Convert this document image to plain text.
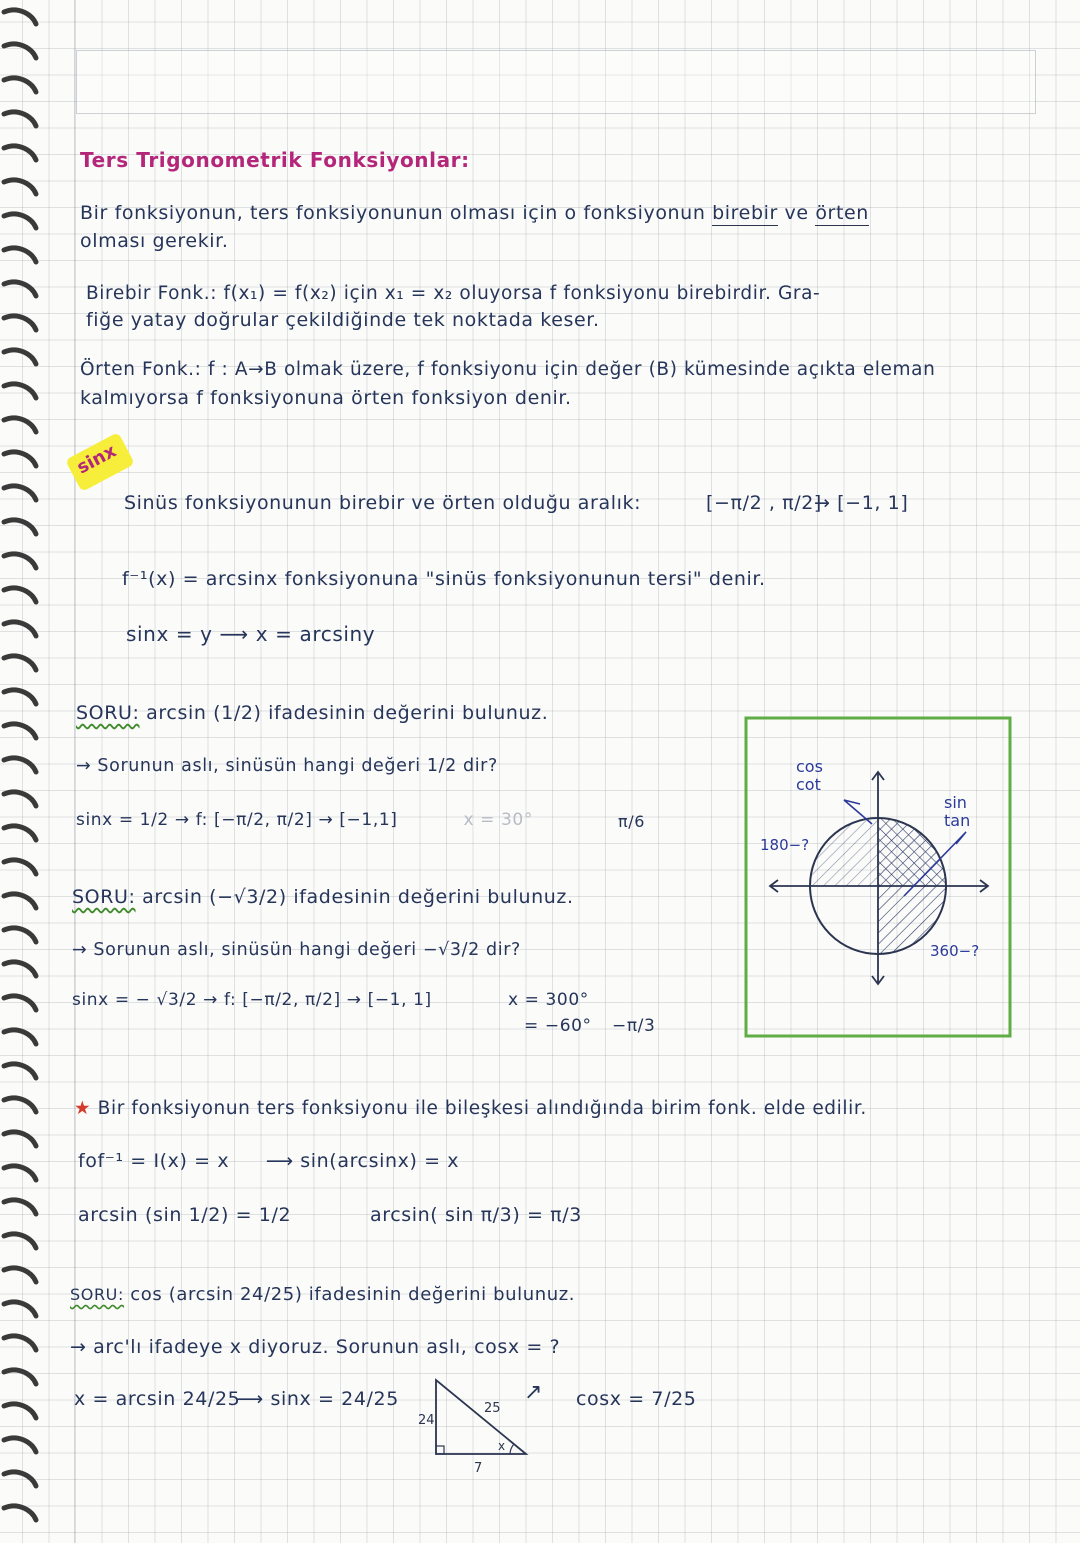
Ters Trigonometrik Fonksiyonlar:
Bir fonksiyonun, ters fonksiyonunun olması için o fonksiyonun birebir ve örten
olması gerekir.
Birebir Fonk.: f(x₁) = f(x₂) için x₁ = x₂ oluyorsa f fonksiyonu birebirdir. Gra-
fiğe yatay doğrular çekildiğinde tek noktada keser.
Örten Fonk.: f : A→B olmak üzere, f fonksiyonu için değer (B) kümesinde açıkta eleman
kalmıyorsa f fonksiyonuna örten fonksiyon denir.
sinx
Sinüs fonksiyonunun birebir ve örten olduğu aralık:	[−π/2 , π/2]
→ [−1, 1]
f⁻¹(x) = arcsinx fonksiyonuna "sinüs fonksiyonunun tersi" denir.
sinx = y ⟶ x = arcsiny
SORU: arcsin (1/2) ifadesinin değerini bulunuz.
→ Sorunun aslı, sinüsün hangi değeri 1/2 dir?
sinx = 1/2 → f: [−π/2, π/2] → [−1,1]	x = 30°	π/6
SORU: arcsin (−√3/2) ifadesinin değerini bulunuz.
→ Sorunun aslı, sinüsün hangi değeri −√3/2 dir?
sinx = − √3/2 → f: [−π/2, π/2] → [−1, 1]	x = 300°
= −60° −π/3
cos
cot
sin
tan
180−?
360−?
★ Bir fonksiyonun ters fonksiyonu ile bileşkesi alındığında birim fonk. elde edilir.
fof⁻¹ = I(x) = x ⟶ sin(arcsinx) = x
arcsin (sin 1/2) = 1/2	arcsin( sin π/3) = π/3
SORU: cos (arcsin 24/25) ifadesinin değerini bulunuz.
→ arc'lı ifadeye x diyoruz. Sorunun aslı, cosx = ?
x = arcsin 24/25
⟶ sinx = 24/25
24
25
7
x
↗ cosx = 7/25
